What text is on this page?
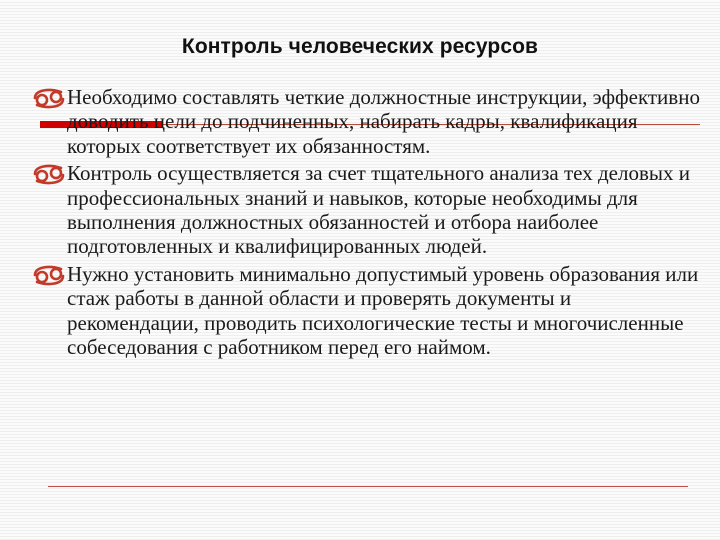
Контроль человеческих ресурсов
Необходимо составлять четкие должностные инструкции, эффективно доводить цели до подчиненных, набирать кадры, квалификация которых соответствует их обязанностям.
Контроль осуществляется за счет тщательного анализа тех деловых и профессиональных знаний и навыков, которые необходимы для выполнения должностных обязанностей и отбора наиболее подготовленных и квалифицированных людей.
Нужно установить минимально допустимый уровень образования или стаж работы в данной области и проверять документы и рекомендации, проводить психологические тесты и многочисленные собеседования с работником перед его наймом.
